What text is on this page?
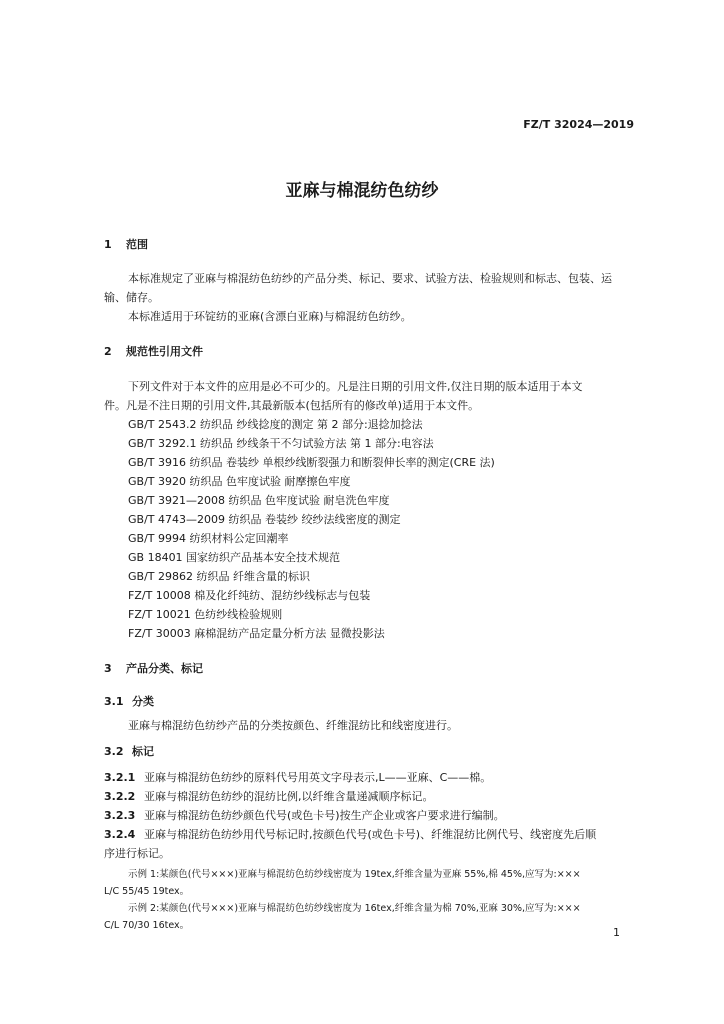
FZ/T 32024—2019
亚麻与棉混纺色纺纱
1 范围
本标准规定了亚麻与棉混纺色纺纱的产品分类、标记、要求、试验方法、检验规则和标志、包装、运
输、储存。
本标准适用于环锭纺的亚麻(含漂白亚麻)与棉混纺色纺纱。
2 规范性引用文件
下列文件对于本文件的应用是必不可少的。凡是注日期的引用文件,仅注日期的版本适用于本文
件。凡是不注日期的引用文件,其最新版本(包括所有的修改单)适用于本文件。
GB/T 2543.2 纺织品 纱线捻度的测定 第 2 部分:退捻加捻法
GB/T 3292.1 纺织品 纱线条干不匀试验方法 第 1 部分:电容法
GB/T 3916 纺织品 卷装纱 单根纱线断裂强力和断裂伸长率的测定(CRE 法)
GB/T 3920 纺织品 色牢度试验 耐摩擦色牢度
GB/T 3921—2008 纺织品 色牢度试验 耐皂洗色牢度
GB/T 4743—2009 纺织品 卷装纱 绞纱法线密度的测定
GB/T 9994 纺织材料公定回潮率
GB 18401 国家纺织产品基本安全技术规范
GB/T 29862 纺织品 纤维含量的标识
FZ/T 10008 棉及化纤纯纺、混纺纱线标志与包装
FZ/T 10021 色纺纱线检验规则
FZ/T 30003 麻棉混纺产品定量分析方法 显微投影法
3 产品分类、标记
3.1 分类
亚麻与棉混纺色纺纱产品的分类按颜色、纤维混纺比和线密度进行。
3.2 标记
3.2.1 亚麻与棉混纺色纺纱的原料代号用英文字母表示,L——亚麻、C——棉。
3.2.2 亚麻与棉混纺色纺纱的混纺比例,以纤维含量递减顺序标记。
3.2.3 亚麻与棉混纺色纺纱颜色代号(或色卡号)按生产企业或客户要求进行编制。
3.2.4 亚麻与棉混纺色纺纱用代号标记时,按颜色代号(或色卡号)、纤维混纺比例代号、线密度先后顺
序进行标记。
示例 1:某颜色(代号×××)亚麻与棉混纺色纺纱线密度为 19tex,纤维含量为亚麻 55%,棉 45%,应写为:×××
L/C 55/45 19tex。
示例 2:某颜色(代号×××)亚麻与棉混纺色纺纱线密度为 16tex,纤维含量为棉 70%,亚麻 30%,应写为:×××
C/L 70/30 16tex。
1
